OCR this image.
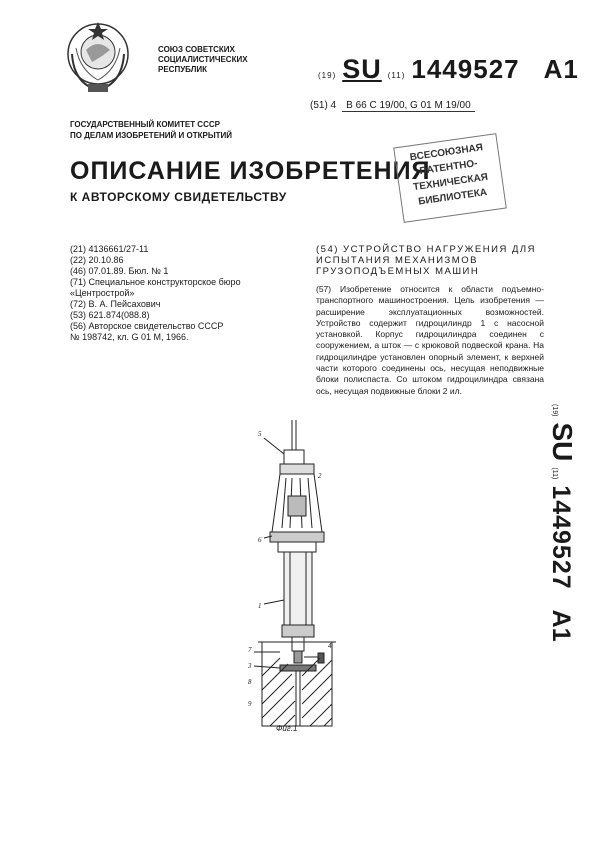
СОЮЗ СОВЕТСКИХ
СОЦИАЛИСТИЧЕСКИХ
РЕСПУБЛИК
(19) SU (11) 1449527 A1
(51) 4	В 66 С 19/00, G 01 M 19/00
ГОСУДАРСТВЕННЫЙ КОМИТЕТ СССР
ПО ДЕЛАМ ИЗОБРЕТЕНИЙ И ОТКРЫТИЙ
ОПИСАНИЕ ИЗОБРЕТЕНИЯ
К АВТОРСКОМУ СВИДЕТЕЛЬСТВУ
ВСЕСОЮЗНАЯ
ПАТЕНТНО-ТЕХНИЧЕСКАЯ
БИБЛИОТЕКА
(21) 4136661/27-11
(22) 20.10.86
(46) 07.01.89. Бюл. № 1
(71) Специальное конструкторское бюро
«Центрострой»
(72) В. А. Пейсахович
(53) 621.874(088.8)
(56) Авторское свидетельство СССР
№ 198742, кл. G 01 M, 1966.
(54) УСТРОЙСТВО НАГРУЖЕНИЯ ДЛЯ ИСПЫТАНИЯ МЕХАНИЗМОВ ГРУЗОПОДЪЕМНЫХ МАШИН
(57) Изобретение относится к области подъемно-транспортного машиностроения. Цель изобретения — расширение эксплуатационных возможностей. Устройство содержит гидроцилиндр 1 с насосной установкой. Корпус гидроцилиндра соединен с сооружением, а шток — с крюковой подвеской крана. На гидроцилиндре установлен опорный элемент, к верхней части которого соединены ось, несущая неподвижные блоки полиспаста. Со штоком гидроцилиндра связана ось, несущая подвижные блоки 2 ил.
(19)
SU
(11)
1449527
A1
5
6
1
7
3
8
9
2
4
Фиг.1
